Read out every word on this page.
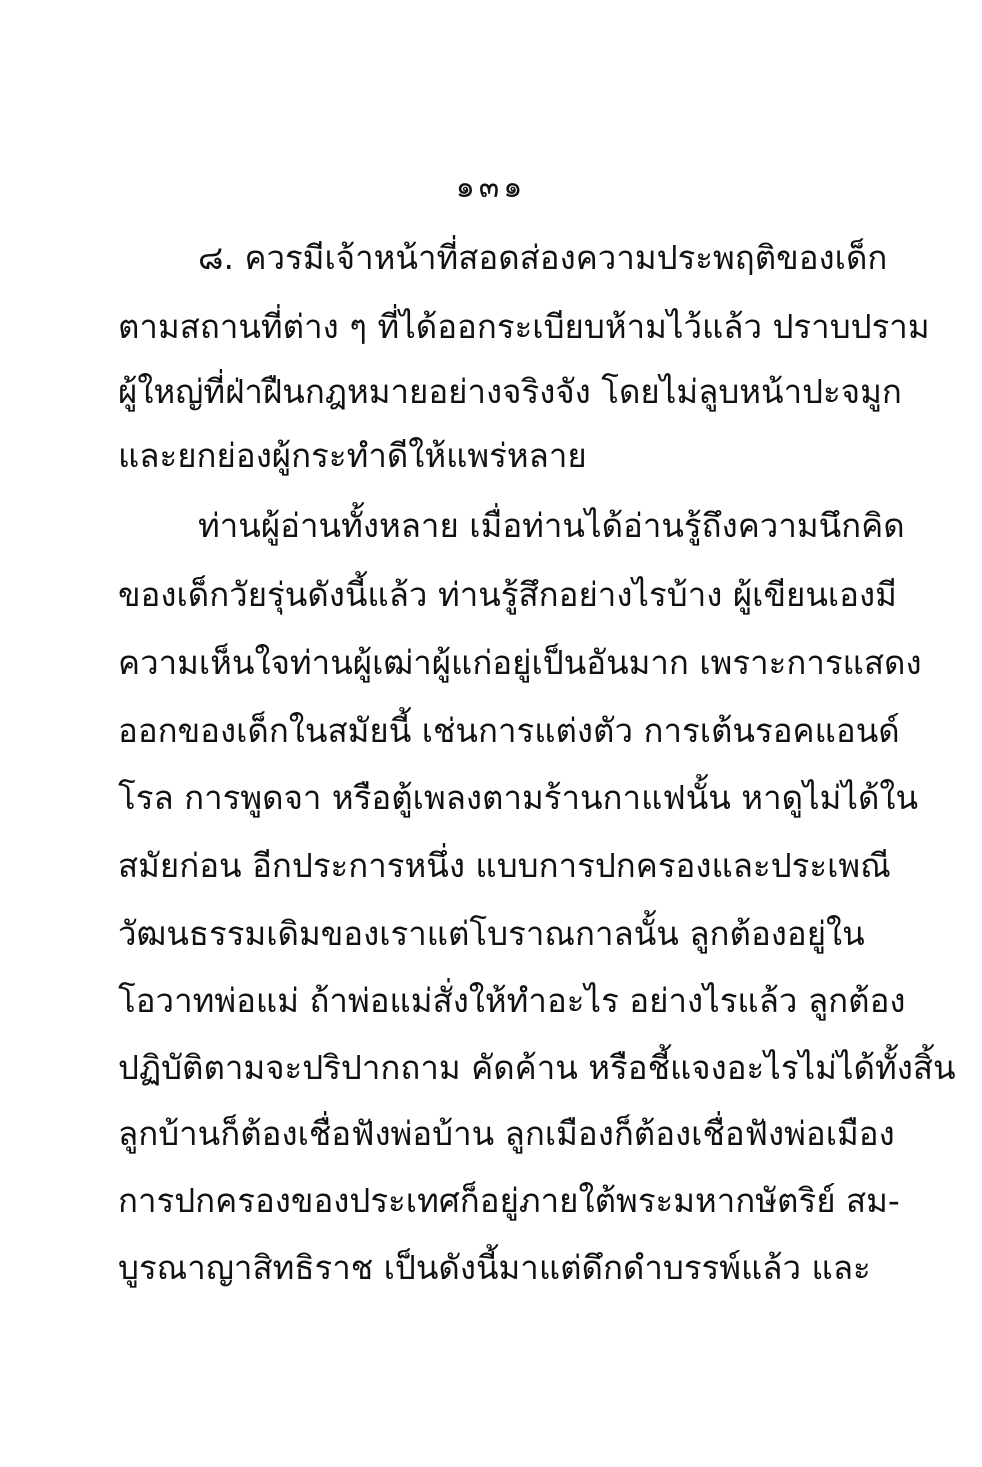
๑๓๑
๘. ควรมีเจ้าหน้าที่สอดส่องความประพฤติของเด็ก
ตามสถานที่ต่าง ๆ ที่ได้ออกระเบียบห้ามไว้แล้ว ปราบปราม
ผู้ใหญ่ที่ฝ่าฝืนกฎหมายอย่างจริงจัง โดยไม่ลูบหน้าปะจมูก
และยกย่องผู้กระทำดีให้แพร่หลาย
ท่านผู้อ่านทั้งหลาย เมื่อท่านได้อ่านรู้ถึงความนึกคิด
ของเด็กวัยรุ่นดังนี้แล้ว ท่านรู้สึกอย่างไรบ้าง ผู้เขียนเองมี
ความเห็นใจท่านผู้เฒ่าผู้แก่อยู่เป็นอันมาก เพราะการแสดง
ออกของเด็กในสมัยนี้ เช่นการแต่งตัว การเต้นรอคแอนด์
โรล การพูดจา หรือตู้เพลงตามร้านกาแฟนั้น หาดูไม่ได้ใน
สมัยก่อน อีกประการหนึ่ง แบบการปกครองและประเพณี
วัฒนธรรมเดิมของเราแต่โบราณกาลนั้น ลูกต้องอยู่ใน
โอวาทพ่อแม่ ถ้าพ่อแม่สั่งให้ทำอะไร อย่างไรแล้ว ลูกต้อง
ปฏิบัติตามจะปริปากถาม คัดค้าน หรือชี้แจงอะไรไม่ได้ทั้งสิ้น
ลูกบ้านก็ต้องเชื่อฟังพ่อบ้าน ลูกเมืองก็ต้องเชื่อฟังพ่อเมือง
การปกครองของประเทศก็อยู่ภายใต้พระมหากษัตริย์ สม-
บูรณาญาสิทธิราช เป็นดังนี้มาแต่ดึกดำบรรพ์แล้ว และ
